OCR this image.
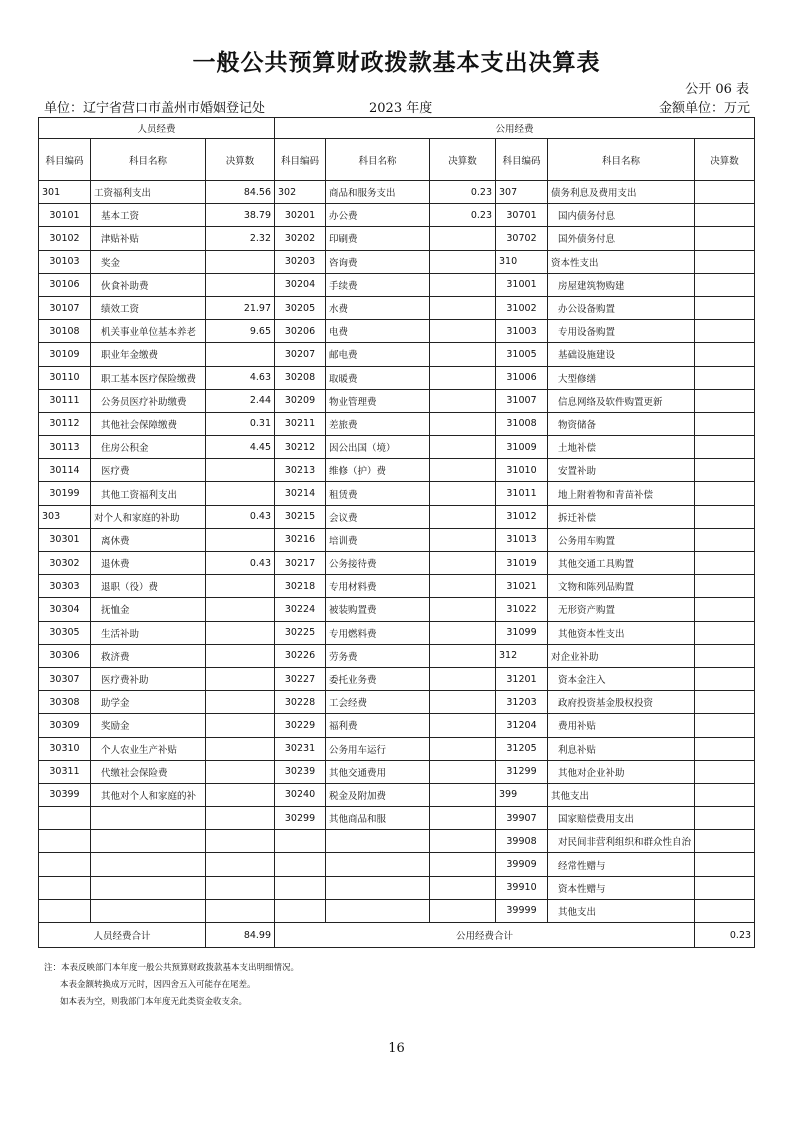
一般公共预算财政拨款基本支出决算表
公开 06 表
单位：辽宁省营口市盖州市婚姻登记处	2023 年度	金额单位：万元
人员经费			公用经费					
科目编码	科目名称	决算数	科目编码	科目名称	决算数	科目编码	科目名称	决算数
301	工资福利支出	84.56	302	商品和服务支出	0.23	307	债务利息及费用支出	
30101	基本工资	38.79	30201	办公费	0.23	30701	国内债务付息	
30102	津贴补贴	2.32	30202	印刷费		30702	国外债务付息	
30103	奖金		30203	咨询费		310	资本性支出	
30106	伙食补助费		30204	手续费		31001	房屋建筑物购建	
30107	绩效工资	21.97	30205	水费		31002	办公设备购置	
30108	机关事业单位基本养老	9.65	30206	电费		31003	专用设备购置	
30109	职业年金缴费		30207	邮电费		31005	基础设施建设	
30110	职工基本医疗保险缴费	4.63	30208	取暖费		31006	大型修缮	
30111	公务员医疗补助缴费	2.44	30209	物业管理费		31007	信息网络及软件购置更新	
30112	其他社会保障缴费	0.31	30211	差旅费		31008	物资储备	
30113	住房公积金	4.45	30212	因公出国（境）		31009	土地补偿	
30114	医疗费		30213	维修（护）费		31010	安置补助	
30199	其他工资福利支出		30214	租赁费		31011	地上附着物和青苗补偿	
303	对个人和家庭的补助	0.43	30215	会议费		31012	拆迁补偿	
30301	离休费		30216	培训费		31013	公务用车购置	
30302	退休费	0.43	30217	公务接待费		31019	其他交通工具购置	
30303	退职（役）费		30218	专用材料费		31021	文物和陈列品购置	
30304	抚恤金		30224	被装购置费		31022	无形资产购置	
30305	生活补助		30225	专用燃料费		31099	其他资本性支出	
30306	救济费		30226	劳务费		312	对企业补助	
30307	医疗费补助		30227	委托业务费		31201	资本金注入	
30308	助学金		30228	工会经费		31203	政府投资基金股权投资	
30309	奖励金		30229	福利费		31204	费用补贴	
30310	个人农业生产补贴		30231	公务用车运行		31205	利息补贴	
30311	代缴社会保险费		30239	其他交通费用		31299	其他对企业补助	
30399	其他对个人和家庭的补		30240	税金及附加费		399	其他支出	
			30299	其他商品和服		39907	国家赔偿费用支出	
						39908	对民间非营利组织和群众性自治	
						39909	经常性赠与	
						39910	资本性赠与	
						39999	其他支出	
人员经费合计		84.99	公用经费合计					0.23
注：本表反映部门本年度一般公共预算财政拨款基本支出明细情况。
本表金额转换成万元时，因四舍五入可能存在尾差。
如本表为空，则我部门本年度无此类资金收支余。
16
